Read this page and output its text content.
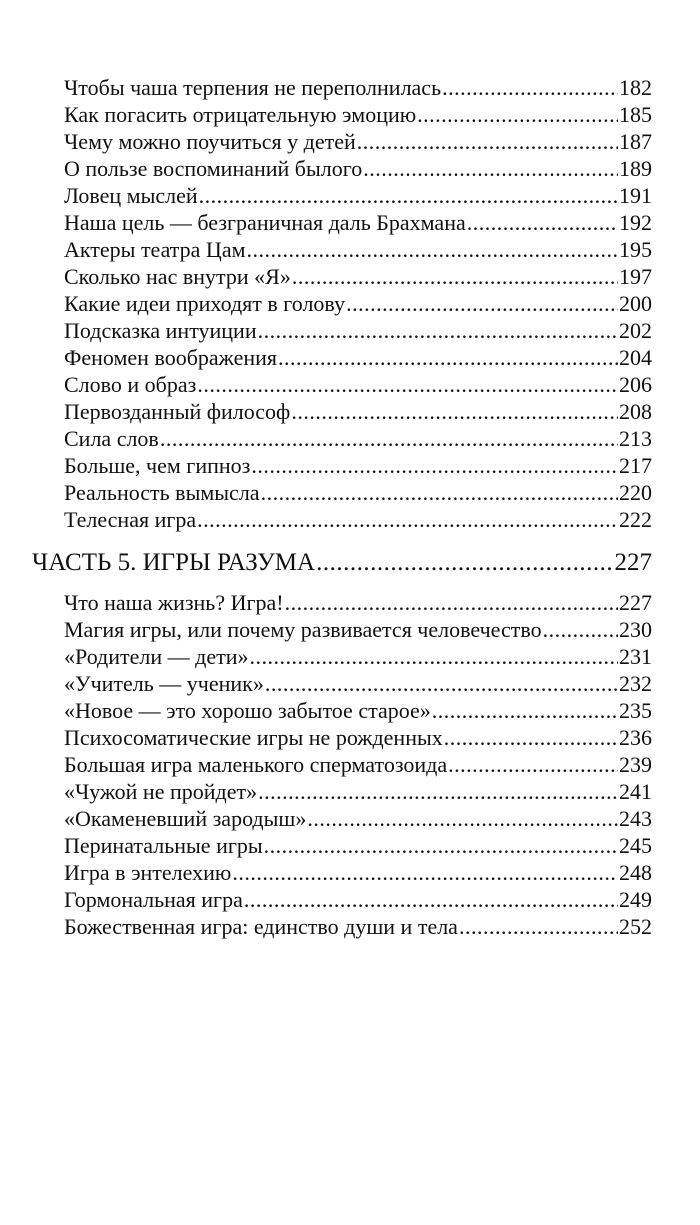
Чтобы чаша терпения не переполнилась .....	182
Как погасить отрицательную эмоцию .....	185
Чему можно поучиться у детей .....	187
О пользе воспоминаний былого .....	189
Ловец мыслей .....	191
Наша цель — безграничная даль Брахмана .....	192
Актеры театра Цам .....	195
Сколько нас внутри «Я» .....	197
Какие идеи приходят в голову .....	200
Подсказка интуиции .....	202
Феномен воображения .....	204
Слово и образ .....	206
Первозданный философ .....	208
Сила слов .....	213
Больше, чем гипноз .....	217
Реальность вымысла .....	220
Телесная игра .....	222
ЧАСТЬ 5. ИГРЫ РАЗУМА .....	227
Что наша жизнь? Игра! .....	227
Магия игры, или почему развивается человечество .....	230
«Родители — дети» .....	231
«Учитель — ученик» .....	232
«Новое — это хорошо забытое старое» .....	235
Психосоматические игры не рожденных .....	236
Большая игра маленького сперматозоида .....	239
«Чужой не пройдет» .....	241
«Окаменевший зародыш» .....	243
Перинатальные игры .....	245
Игра в энтелехию .....	248
Гормональная игра .....	249
Божественная игра: единство души и тела .....	252
